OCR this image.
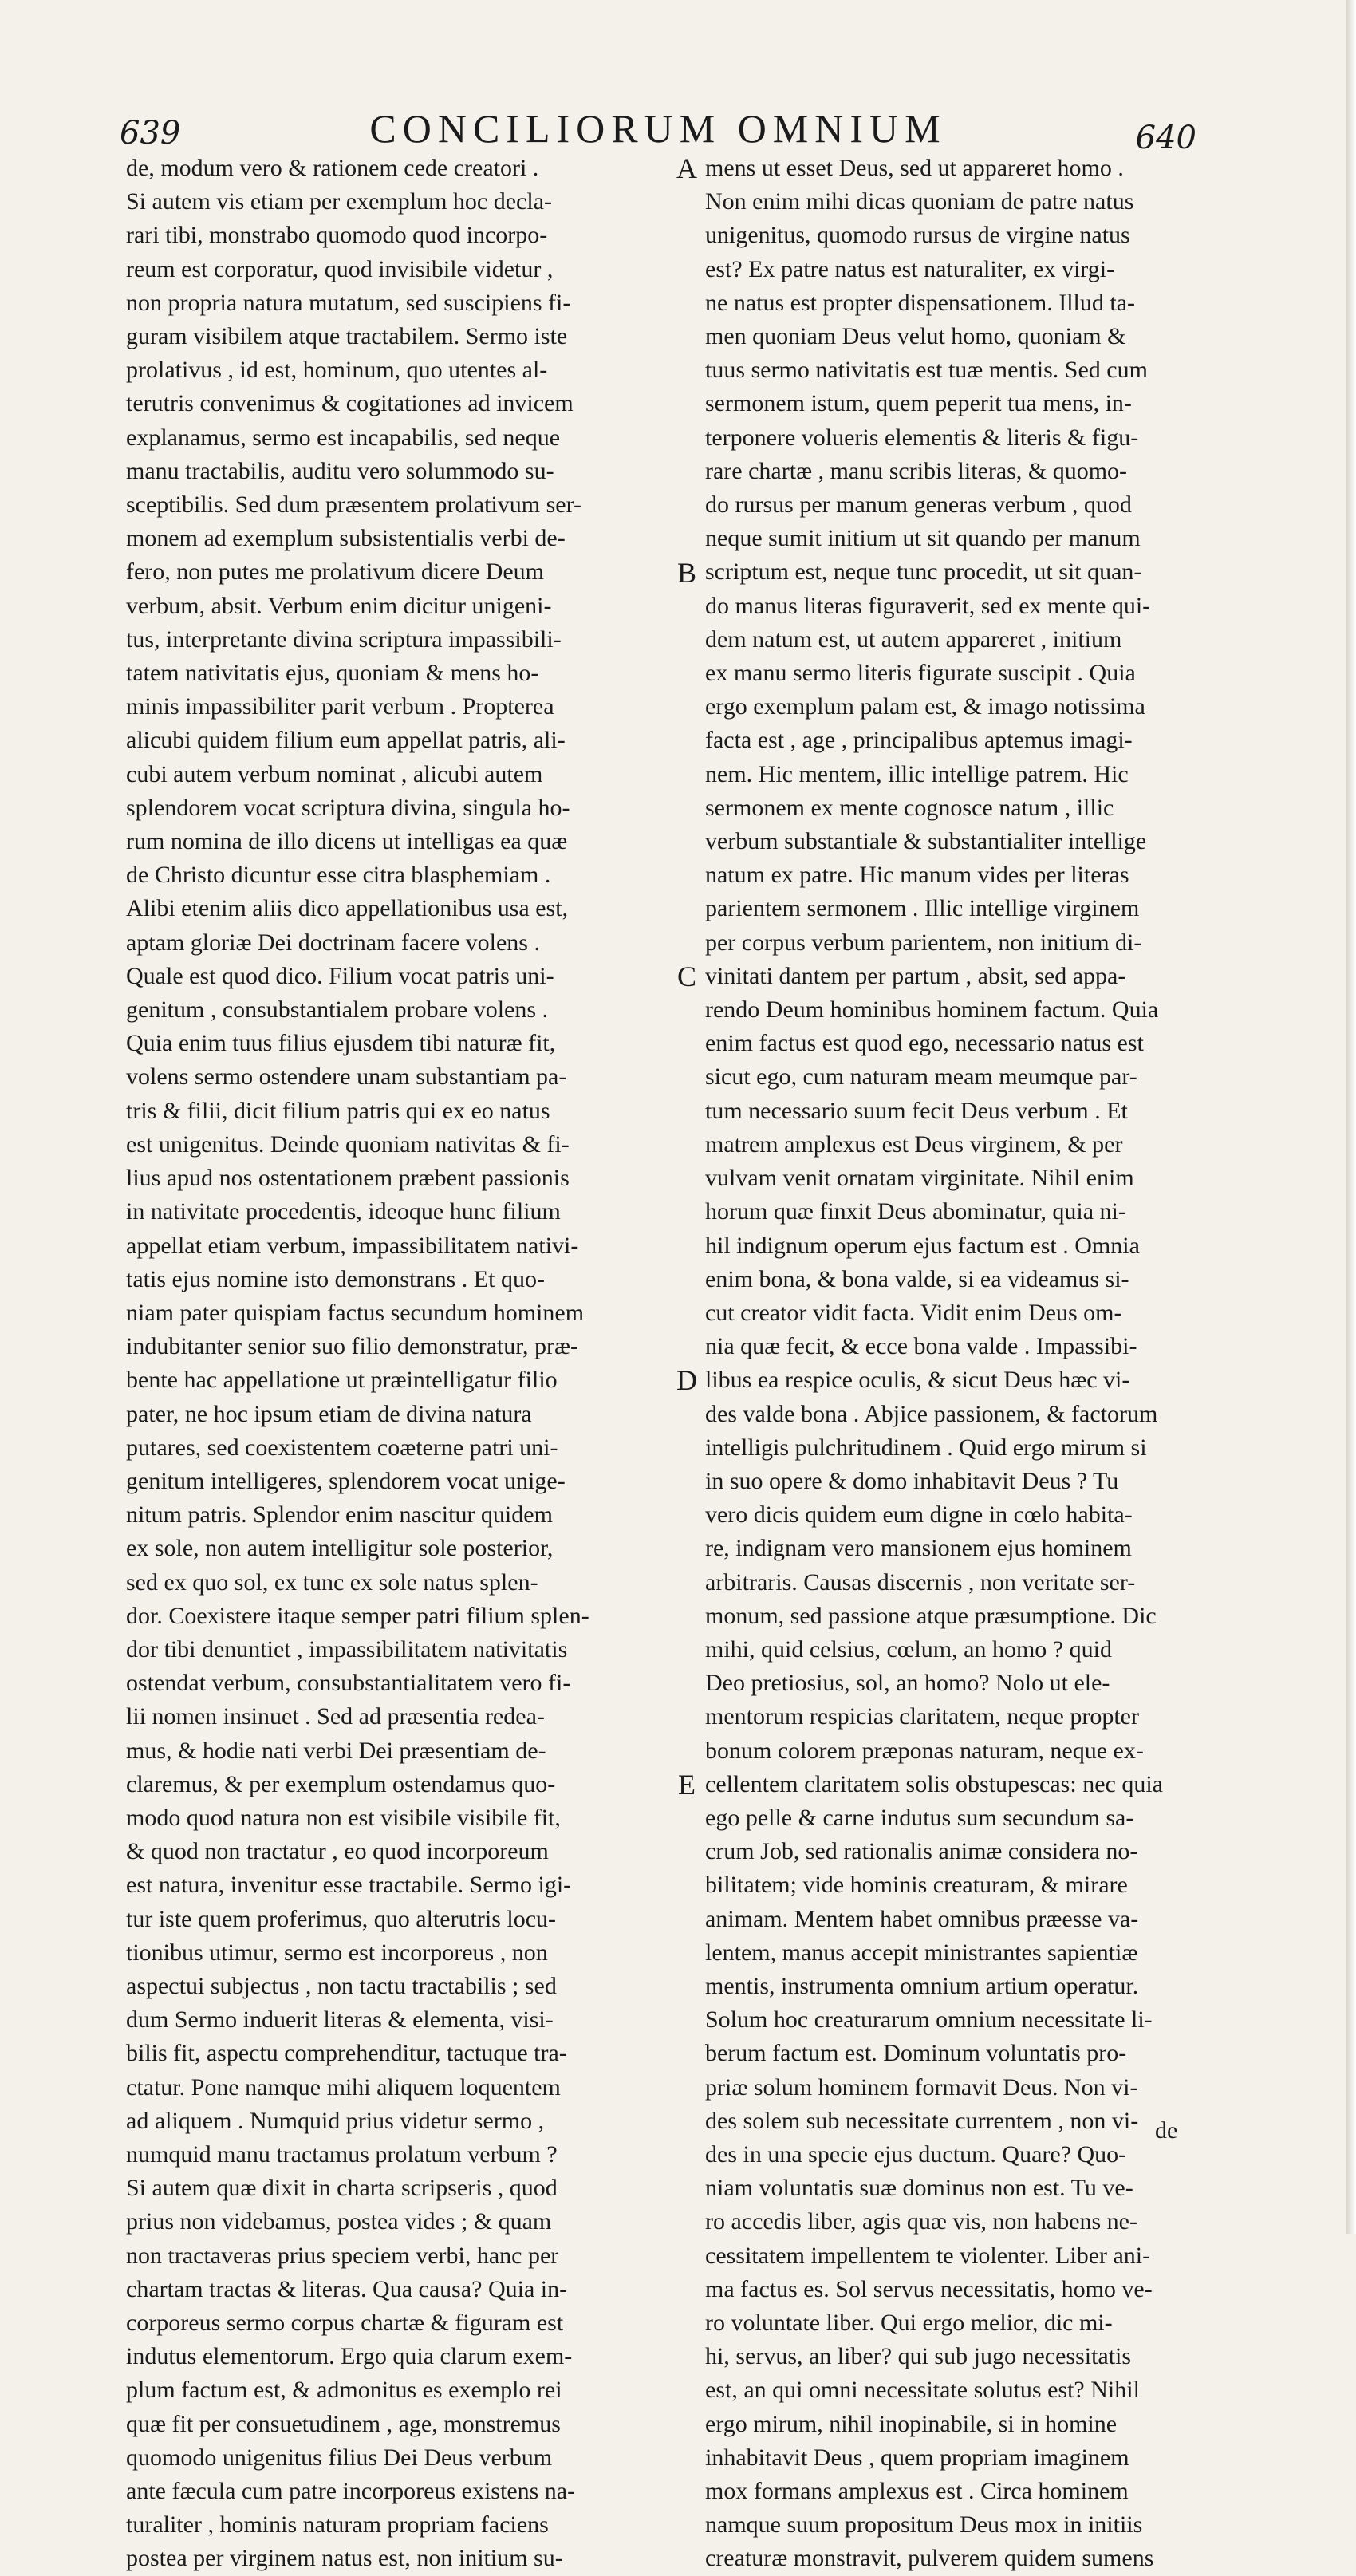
639	CONCILIORUM OMNIUM	640
de, modum vero & rationem cede creatori .
Si autem vis etiam per exemplum hoc decla-
rari tibi, monstrabo quomodo quod incorpo-
reum est corporatur, quod invisibile videtur ,
non propria natura mutatum, sed suscipiens fi-
guram visibilem atque tractabilem. Sermo iste
prolativus , id est, hominum, quo utentes al-
terutris convenimus & cogitationes ad invicem
explanamus, sermo est incapabilis, sed neque
manu tractabilis, auditu vero solummodo su-
sceptibilis. Sed dum præsentem prolativum ser-
monem ad exemplum subsistentialis verbi de-
fero, non putes me prolativum dicere Deum
verbum, absit. Verbum enim dicitur unigeni-
tus, interpretante divina scriptura impassibili-
tatem nativitatis ejus, quoniam & mens ho-
minis impassibiliter parit verbum . Propterea
alicubi quidem filium eum appellat patris, ali-
cubi autem verbum nominat , alicubi autem
splendorem vocat scriptura divina, singula ho-
rum nomina de illo dicens ut intelligas ea quæ
de Christo dicuntur esse citra blasphemiam .
Alibi etenim aliis dico appellationibus usa est,
aptam gloriæ Dei doctrinam facere volens .
Quale est quod dico. Filium vocat patris uni-
genitum , consubstantialem probare volens .
Quia enim tuus filius ejusdem tibi naturæ fit,
volens sermo ostendere unam substantiam pa-
tris & filii, dicit filium patris qui ex eo natus
est unigenitus. Deinde quoniam nativitas & fi-
lius apud nos ostentationem præbent passionis
in nativitate procedentis, ideoque hunc filium
appellat etiam verbum, impassibilitatem nativi-
tatis ejus nomine isto demonstrans . Et quo-
niam pater quispiam factus secundum hominem
indubitanter senior suo filio demonstratur, præ-
bente hac appellatione ut præintelligatur filio
pater, ne hoc ipsum etiam de divina natura
putares, sed coexistentem coæterne patri uni-
genitum intelligeres, splendorem vocat unige-
nitum patris. Splendor enim nascitur quidem
ex sole, non autem intelligitur sole posterior,
sed ex quo sol, ex tunc ex sole natus splen-
dor. Coexistere itaque semper patri filium splen-
dor tibi denuntiet , impassibilitatem nativitatis
ostendat verbum, consubstantialitatem vero fi-
lii nomen insinuet . Sed ad præsentia redea-
mus, & hodie nati verbi Dei præsentiam de-
claremus, & per exemplum ostendamus quo-
modo quod natura non est visibile visibile fit,
& quod non tractatur , eo quod incorporeum
est natura, invenitur esse tractabile. Sermo igi-
tur iste quem proferimus, quo alterutris locu-
tionibus utimur, sermo est incorporeus , non
aspectui subjectus , non tactu tractabilis ; sed
dum Sermo induerit literas & elementa, visi-
bilis fit, aspectu comprehenditur, tactuque tra-
ctatur. Pone namque mihi aliquem loquentem
ad aliquem . Numquid prius videtur sermo ,
numquid manu tractamus prolatum verbum ?
Si autem quæ dixit in charta scripseris , quod
prius non videbamus, postea vides ; & quam
non tractaveras prius speciem verbi, hanc per
chartam tractas & literas. Qua causa? Quia in-
corporeus sermo corpus chartæ & figuram est
indutus elementorum. Ergo quia clarum exem-
plum factum est, & admonitus es exemplo rei
quæ fit per consuetudinem , age, monstremus
quomodo unigenitus filius Dei Deus verbum
ante fæcula cum patre incorporeus existens na-
turaliter , hominis naturam propriam faciens
postea per virginem natus est, non initium su-
mens ut esset Deus, sed ut appareret homo .
Non enim mihi dicas quoniam de patre natus
unigenitus, quomodo rursus de virgine natus
est? Ex patre natus est naturaliter, ex virgi-
ne natus est propter dispensationem. Illud ta-
men quoniam Deus velut homo, quoniam &
tuus sermo nativitatis est tuæ mentis. Sed cum
sermonem istum, quem peperit tua mens, in-
terponere volueris elementis & literis & figu-
rare chartæ , manu scribis literas, & quomo-
do rursus per manum generas verbum , quod
neque sumit initium ut sit quando per manum
scriptum est, neque tunc procedit, ut sit quan-
do manus literas figuraverit, sed ex mente qui-
dem natum est, ut autem appareret , initium
ex manu sermo literis figurate suscipit . Quia
ergo exemplum palam est, & imago notissima
facta est , age , principalibus aptemus imagi-
nem. Hic mentem, illic intellige patrem. Hic
sermonem ex mente cognosce natum , illic
verbum substantiale & substantialiter intellige
natum ex patre. Hic manum vides per literas
parientem sermonem . Illic intellige virginem
per corpus verbum parientem, non initium di-
vinitati dantem per partum , absit, sed appa-
rendo Deum hominibus hominem factum. Quia
enim factus est quod ego, necessario natus est
sicut ego, cum naturam meam meumque par-
tum necessario suum fecit Deus verbum . Et
matrem amplexus est Deus virginem, & per
vulvam venit ornatam virginitate. Nihil enim
horum quæ finxit Deus abominatur, quia ni-
hil indignum operum ejus factum est . Omnia
enim bona, & bona valde, si ea videamus si-
cut creator vidit facta. Vidit enim Deus om-
nia quæ fecit, & ecce bona valde . Impassibi-
libus ea respice oculis, & sicut Deus hæc vi-
des valde bona . Abjice passionem, & factorum
intelligis pulchritudinem . Quid ergo mirum si
in suo opere & domo inhabitavit Deus ? Tu
vero dicis quidem eum digne in cœlo habita-
re, indignam vero mansionem ejus hominem
arbitraris. Causas discernis , non veritate ser-
monum, sed passione atque præsumptione. Dic
mihi, quid celsius, cœlum, an homo ? quid
Deo pretiosius, sol, an homo? Nolo ut ele-
mentorum respicias claritatem, neque propter
bonum colorem præponas naturam, neque ex-
cellentem claritatem solis obstupescas: nec quia
ego pelle & carne indutus sum secundum sa-
crum Job, sed rationalis animæ considera no-
bilitatem; vide hominis creaturam, & mirare
animam. Mentem habet omnibus præesse va-
lentem, manus accepit ministrantes sapientiæ
mentis, instrumenta omnium artium operatur.
Solum hoc creaturarum omnium necessitate li-
berum factum est. Dominum voluntatis pro-
priæ solum hominem formavit Deus. Non vi-
des solem sub necessitate currentem , non vi-
des in una specie ejus ductum. Quare? Quo-
niam voluntatis suæ dominus non est. Tu ve-
ro accedis liber, agis quæ vis, non habens ne-
cessitatem impellentem te violenter. Liber ani-
ma factus es. Sol servus necessitatis, homo ve-
ro voluntate liber. Qui ergo melior, dic mi-
hi, servus, an liber? qui sub jugo necessitatis
est, an qui omni necessitate solutus est? Nihil
ergo mirum, nihil inopinabile, si in homine
inhabitavit Deus , quem propriam imaginem
mox formans amplexus est . Circa hominem
namque suum propositum Deus mox in initiis
creaturæ monstravit, pulverem quidem sumens
A
B
C
D
E
de
